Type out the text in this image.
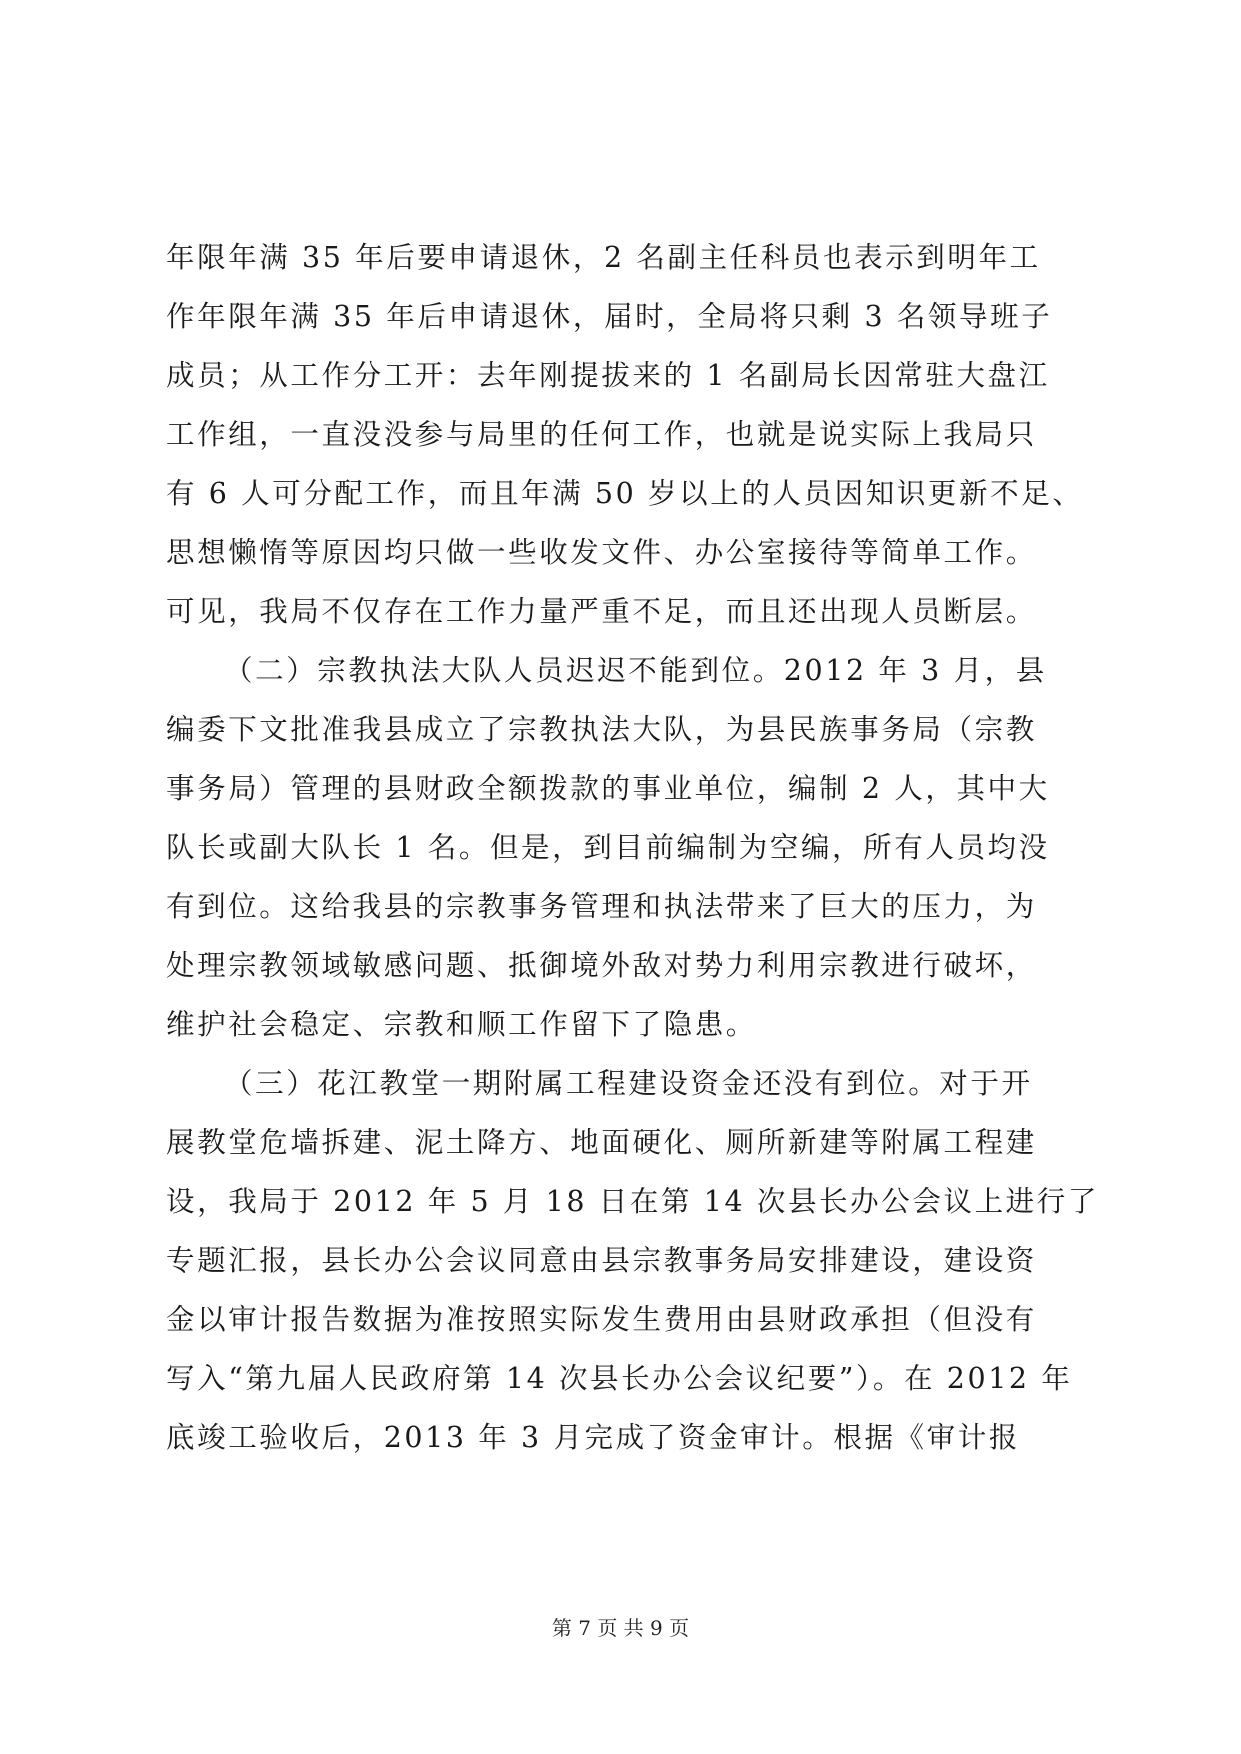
年限年满 35 年后要申请退休，2 名副主任科员也表示到明年工
作年限年满 35 年后申请退休，届时，全局将只剩 3 名领导班子
成员；从工作分工开：去年刚提拔来的 1 名副局长因常驻大盘江
工作组，一直没没参与局里的任何工作，也就是说实际上我局只
有 6 人可分配工作，而且年满 50 岁以上的人员因知识更新不足、
思想懒惰等原因均只做一些收发文件、办公室接待等简单工作。
可见，我局不仅存在工作力量严重不足，而且还出现人员断层。
（二）宗教执法大队人员迟迟不能到位。2012 年 3 月，县
编委下文批准我县成立了宗教执法大队，为县民族事务局（宗教
事务局）管理的县财政全额拨款的事业单位，编制 2 人，其中大
队长或副大队长 1 名。但是，到目前编制为空编，所有人员均没
有到位。这给我县的宗教事务管理和执法带来了巨大的压力，为
处理宗教领域敏感问题、抵御境外敌对势力利用宗教进行破坏，
维护社会稳定、宗教和顺工作留下了隐患。
（三）花江教堂一期附属工程建设资金还没有到位。对于开
展教堂危墙拆建、泥土降方、地面硬化、厕所新建等附属工程建
设，我局于 2012 年 5 月 18 日在第 14 次县长办公会议上进行了
专题汇报，县长办公会议同意由县宗教事务局安排建设，建设资
金以审计报告数据为准按照实际发生费用由县财政承担（但没有
写入“第九届人民政府第 14 次县长办公会议纪要”）。在 2012 年
底竣工验收后，2013 年 3 月完成了资金审计。根据《审计报
第 7 页 共 9 页
